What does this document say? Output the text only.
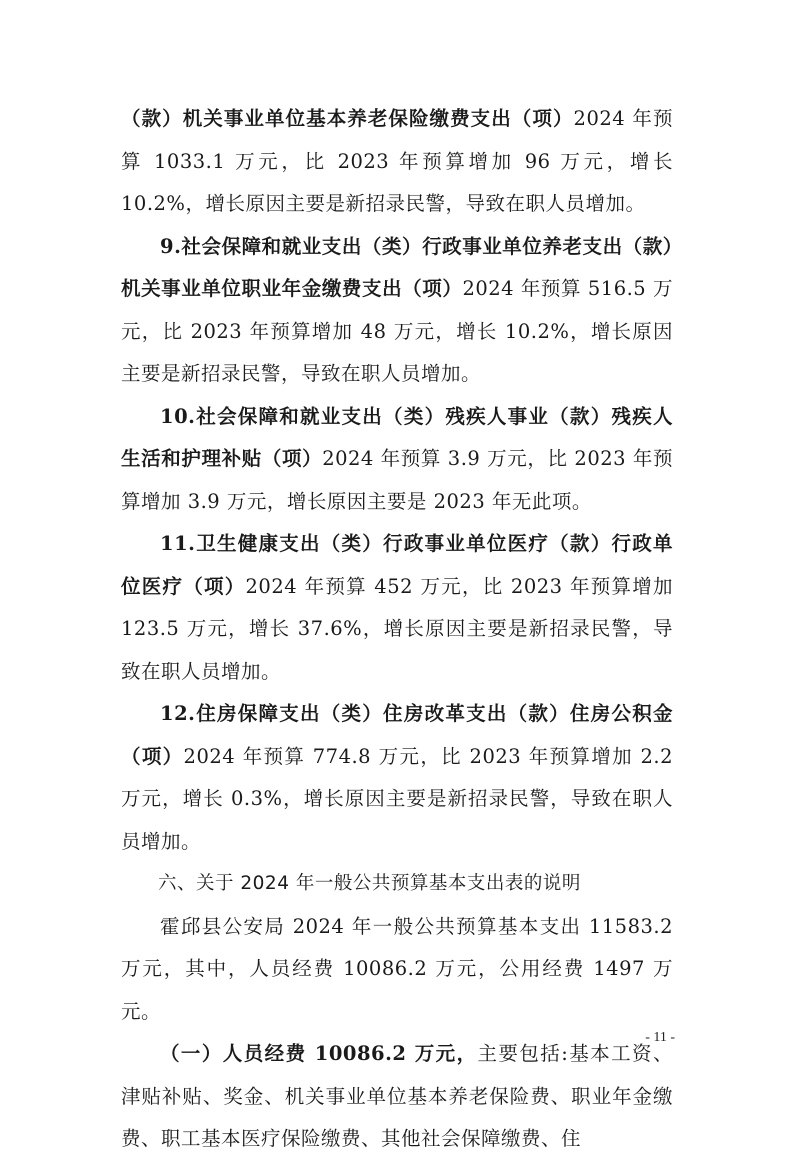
（款）机关事业单位基本养老保险缴费支出（项）2024 年预算 1033.1 万元，比 2023 年预算增加 96 万元，增长 10.2%，增长原因主要是新招录民警，导致在职人员增加。

9.社会保障和就业支出（类）行政事业单位养老支出（款）机关事业单位职业年金缴费支出（项）2024 年预算 516.5 万元，比 2023 年预算增加 48 万元，增长 10.2%，增长原因主要是新招录民警，导致在职人员增加。

10.社会保障和就业支出（类）残疾人事业（款）残疾人生活和护理补贴（项）2024 年预算 3.9 万元，比 2023 年预算增加 3.9 万元，增长原因主要是 2023 年无此项。

11.卫生健康支出（类）行政事业单位医疗（款）行政单位医疗（项）2024 年预算 452 万元，比 2023 年预算增加 123.5 万元，增长 37.6%，增长原因主要是新招录民警，导致在职人员增加。

12.住房保障支出（类）住房改革支出（款）住房公积金（项）2024 年预算 774.8 万元，比 2023 年预算增加 2.2 万元，增长 0.3%，增长原因主要是新招录民警，导致在职人员增加。

六、关于 2024 年一般公共预算基本支出表的说明

霍邱县公安局 2024 年一般公共预算基本支出 11583.2 万元，其中，人员经费 10086.2 万元，公用经费 1497 万元。

（一）人员经费 10086.2 万元，主要包括:基本工资、津贴补贴、奖金、机关事业单位基本养老保险费、职业年金缴费、职工基本医疗保险缴费、其他社会保障缴费、住

- 11 -
